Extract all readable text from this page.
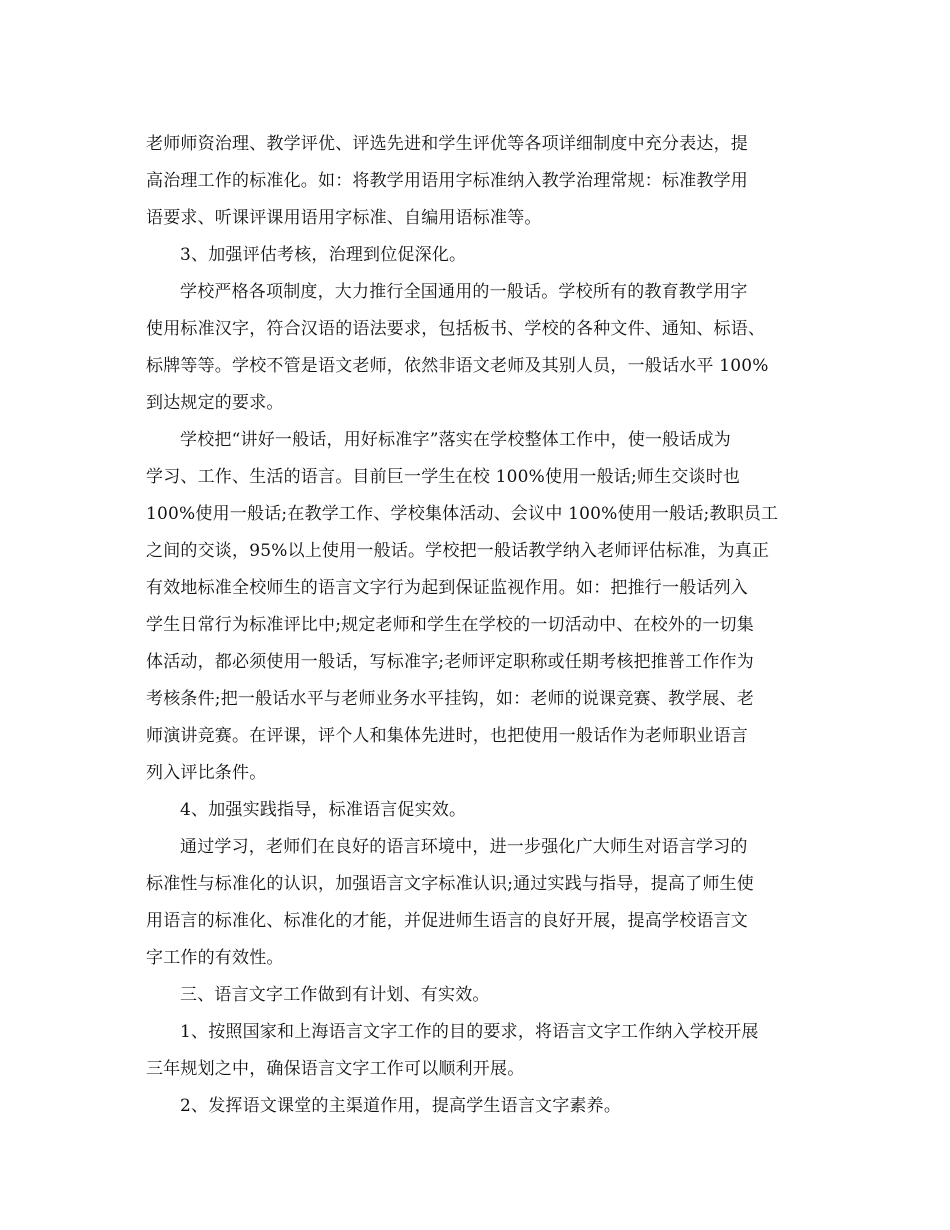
老师师资治理、教学评优、评选先进和学生评优等各项详细制度中充分表达，提
高治理工作的标准化。如：将教学用语用字标准纳入教学治理常规：标准教学用
语要求、听课评课用语用字标准、自编用语标准等。
3、加强评估考核，治理到位促深化。
学校严格各项制度，大力推行全国通用的一般话。学校所有的教育教学用字
使用标准汉字，符合汉语的语法要求，包括板书、学校的各种文件、通知、标语、
标牌等等。学校不管是语文老师，依然非语文老师及其别人员，一般话水平 100%
到达规定的要求。
学校把“讲好一般话，用好标准字”落实在学校整体工作中，使一般话成为
学习、工作、生活的语言。目前巨一学生在校 100%使用一般话;师生交谈时也
100%使用一般话;在教学工作、学校集体活动、会议中 100%使用一般话;教职员工
之间的交谈，95%以上使用一般话。学校把一般话教学纳入老师评估标准，为真正
有效地标准全校师生的语言文字行为起到保证监视作用。如：把推行一般话列入
学生日常行为标准评比中;规定老师和学生在学校的一切活动中、在校外的一切集
体活动，都必须使用一般话，写标准字;老师评定职称或任期考核把推普工作作为
考核条件;把一般话水平与老师业务水平挂钩，如：老师的说课竞赛、教学展、老
师演讲竞赛。在评课，评个人和集体先进时，也把使用一般话作为老师职业语言
列入评比条件。
4、加强实践指导，标准语言促实效。
通过学习，老师们在良好的语言环境中，进一步强化广大师生对语言学习的
标准性与标准化的认识，加强语言文字标准认识;通过实践与指导，提高了师生使
用语言的标准化、标准化的才能，并促进师生语言的良好开展，提高学校语言文
字工作的有效性。
三、语言文字工作做到有计划、有实效。
1、按照国家和上海语言文字工作的目的要求，将语言文字工作纳入学校开展
三年规划之中，确保语言文字工作可以顺利开展。
2、发挥语文课堂的主渠道作用，提高学生语言文字素养。
